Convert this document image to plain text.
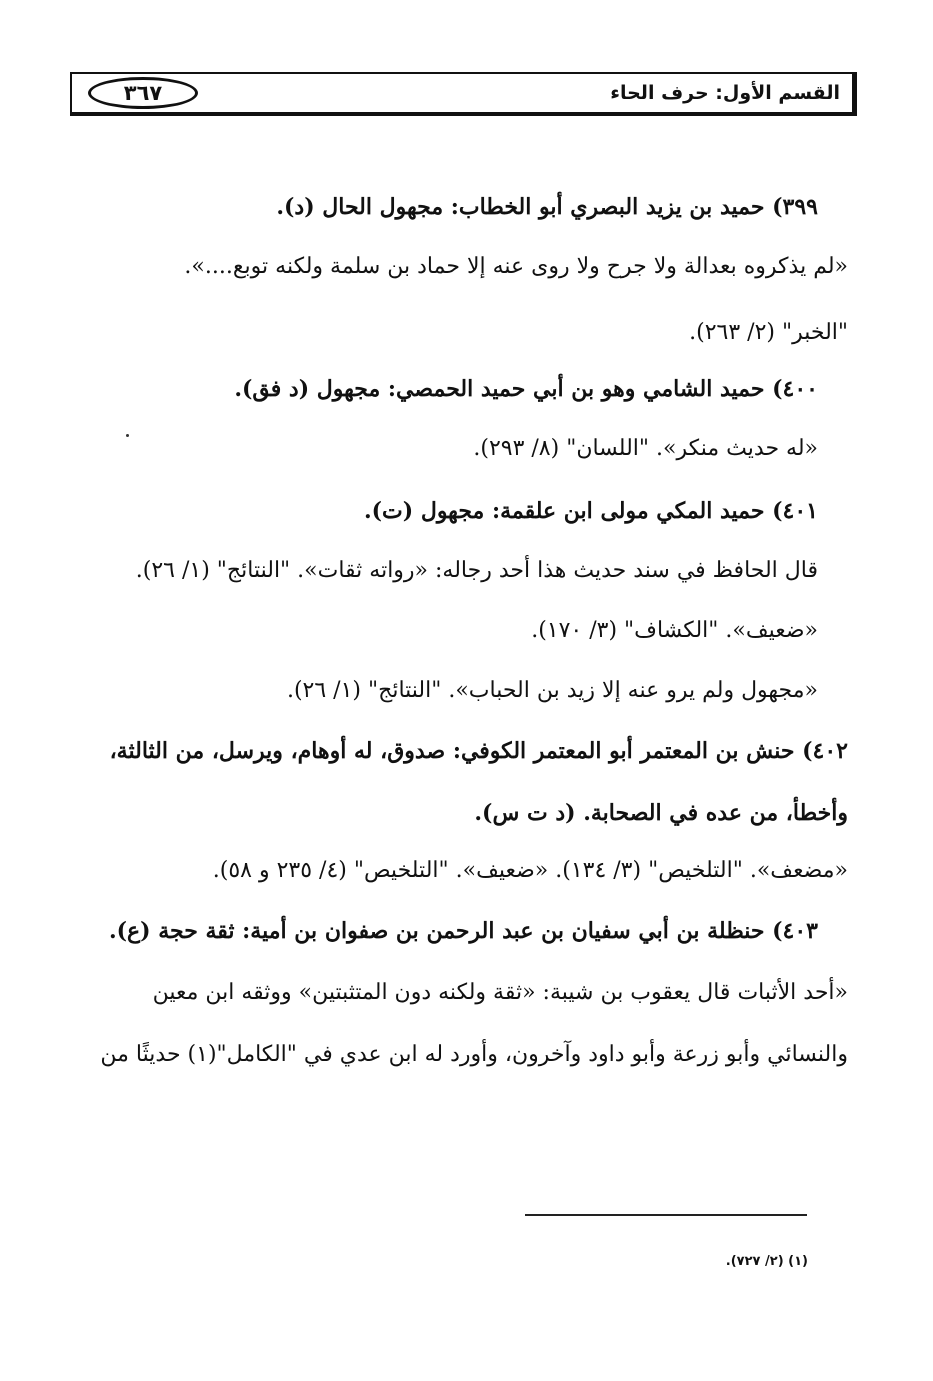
القسم الأول: حرف الحاء
٣٦٧
٣٩٩) حميد بن يزيد البصري أبو الخطاب: مجهول الحال (د).
«لم يذكروه بعدالة ولا جرح ولا روى عنه إلا حماد بن سلمة ولكنه توبع....».
"الخبر" (٢/ ٢٦٣).
٤٠٠) حميد الشامي وهو بن أبي حميد الحمصي: مجهول (د فق).
«له حديث منكر». "اللسان" (٨/ ٢٩٣).
٤٠١) حميد المكي مولى ابن علقمة: مجهول (ت).
قال الحافظ في سند حديث هذا أحد رجاله: «رواته ثقات». "النتائج" (١/ ٢٦).
«ضعيف». "الكشاف" (٣/ ١٧٠).
«مجهول ولم يرو عنه إلا زيد بن الحباب». "النتائج" (١/ ٢٦).
٤٠٢) حنش بن المعتمر أبو المعتمر الكوفي: صدوق، له أوهام، ويرسل، من الثالثة،
وأخطأ، من عده في الصحابة. (د ت س).
«مضعف». "التلخيص" (٣/ ١٣٤). «ضعيف». "التلخيص" (٤/ ٢٣٥ و ٥٨).
٤٠٣) حنظلة بن أبي سفيان بن عبد الرحمن بن صفوان بن أمية: ثقة حجة (ع).
«أحد الأثبات قال يعقوب بن شيبة: «ثقة ولكنه دون المتثبتين» ووثقه ابن معين
والنسائي وأبو زرعة وأبو داود وآخرون، وأورد له ابن عدي في "الكامل"(١) حديثًا من
(١) (٢/ ٧٢٧).
